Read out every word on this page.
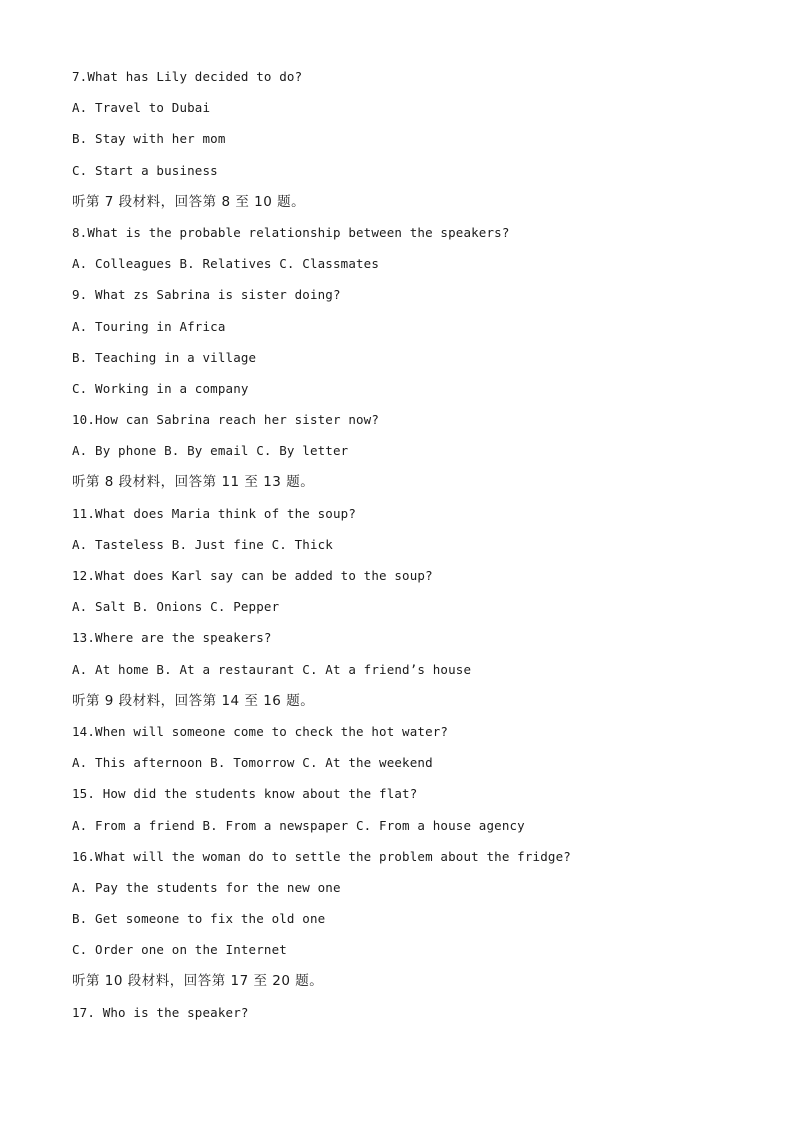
7.What has Lily decided to do?
A. Travel to Dubai
B. Stay with her mom
C. Start a business
听第 7 段材料，回答第 8 至 10 题。
8.What is the probable relationship between the speakers?
A. Colleagues B. Relatives C. Classmates
9. What zs Sabrina is sister doing?
A. Touring in Africa
B. Teaching in a village
C. Working in a company
10.How can Sabrina reach her sister now?
A. By phone B. By email C. By letter
听第 8 段材料，回答第 11 至 13 题。
11.What does Maria think of the soup?
A. Tasteless B. Just fine C. Thick
12.What does Karl say can be added to the soup?
A. Salt B. Onions C. Pepper
13.Where are the speakers?
A. At home B. At a restaurant C. At a friend’s house
听第 9 段材料，回答第 14 至 16 题。
14.When will someone come to check the hot water?
A. This afternoon B. Tomorrow C. At the weekend
15. How did the students know about the flat?
A. From a friend B. From a newspaper C. From a house agency
16.What will the woman do to settle the problem about the fridge?
A. Pay the students for the new one
B. Get someone to fix the old one
C. Order one on the Internet
听第 10 段材料，回答第 17 至 20 题。
17. Who is the speaker?
